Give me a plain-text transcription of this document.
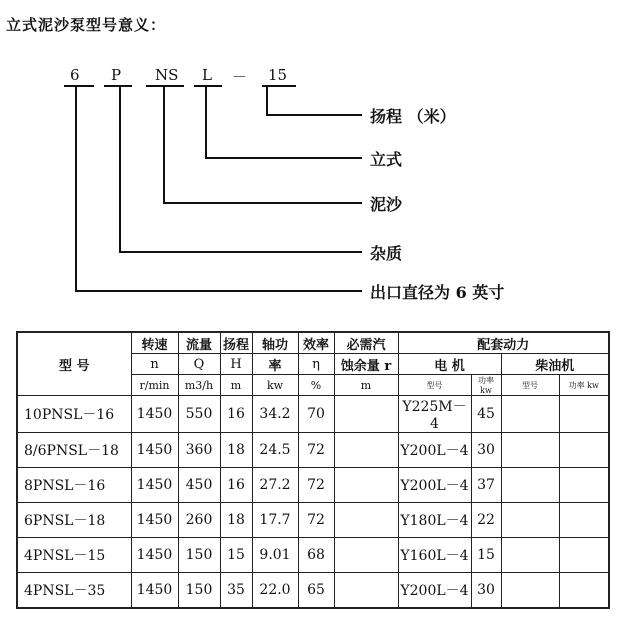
立式泥沙泵型号意义：
6 P NS L － 15
扬程 （米）
立式
泥沙
杂质
出口直径为 6 英寸
型 号	转速	流量	扬程	轴功	效率	必需汽	配套动力			
	n	Q	H	率	η	蚀余量 r	电 机		柴油机	
	r/min	m3/h	m	kw	%	m	型号	功率 kw	型号	功率 kw
10PNSL－16	1450	550	16	34.2	70		Y225M－4	45		
8/6PNSL－18	1450	360	18	24.5	72		Y200L－4	30		
8PNSL－16	1450	450	16	27.2	72		Y200L－4	37		
6PNSL－18	1450	260	18	17.7	72		Y180L－4	22		
4PNSL－15	1450	150	15	9.01	68		Y160L－4	15		
4PNSL－35	1450	150	35	22.0	65		Y200L－4	30		
